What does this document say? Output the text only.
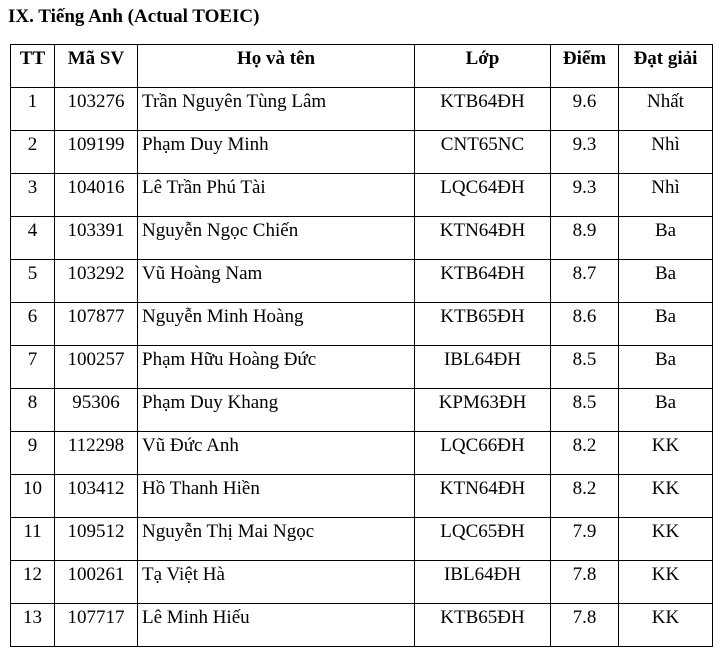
IX. Tiếng Anh (Actual TOEIC)
TT	Mã SV	Họ và tên	Lớp	Điểm	Đạt giải
1	103276	Trần Nguyên Tùng Lâm	KTB64ĐH	9.6	Nhất
2	109199	Phạm Duy Minh	CNT65NC	9.3	Nhì
3	104016	Lê Trần Phú Tài	LQC64ĐH	9.3	Nhì
4	103391	Nguyễn Ngọc Chiến	KTN64ĐH	8.9	Ba
5	103292	Vũ Hoàng Nam	KTB64ĐH	8.7	Ba
6	107877	Nguyễn Minh Hoàng	KTB65ĐH	8.6	Ba
7	100257	Phạm Hữu Hoàng Đức	IBL64ĐH	8.5	Ba
8	95306	Phạm Duy Khang	KPM63ĐH	8.5	Ba
9	112298	Vũ Đức Anh	LQC66ĐH	8.2	KK
10	103412	Hồ Thanh Hiền	KTN64ĐH	8.2	KK
11	109512	Nguyễn Thị Mai Ngọc	LQC65ĐH	7.9	KK
12	100261	Tạ Việt Hà	IBL64ĐH	7.8	KK
13	107717	Lê Minh Hiếu	KTB65ĐH	7.8	KK
